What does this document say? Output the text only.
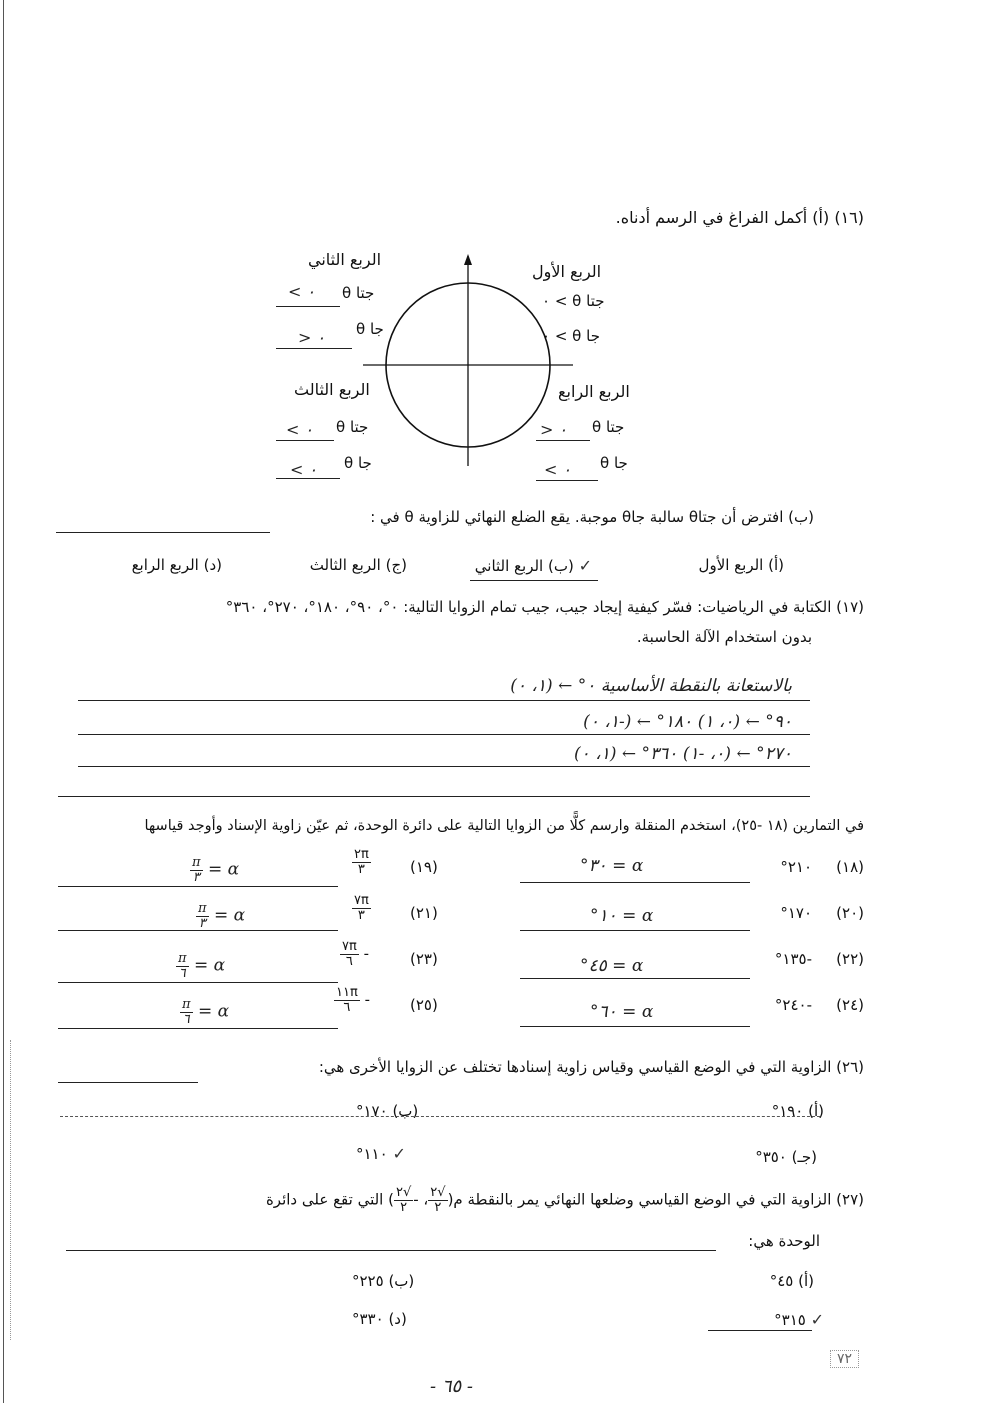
(١٦) (أ) أكمل الفراغ في الرسم أدناه.
الربع الأول
جتا θ > ٠
جا θ > ٠
الربع الثاني
جتا θ
٠ >
جا θ
٠ <
الربع الثالث
جتا θ
٠ >
جا θ
٠ >
الربع الرابع
جتا θ
٠ <
جا θ
٠ >
(ب) افترض أن جتاθ سالبة جاθ موجبة. يقع الضلع النهائي للزاوية θ في :
(أ) الربع الأول
✓ (ب) الربع الثاني
(ج) الربع الثالث
(د) الربع الرابع
(١٧) الكتابة في الرياضيات: فسّر كيفية إيجاد جيب، جيب تمام الزوايا التالية: ٠°، ٩٠°، ١٨٠°، ٢٧٠°، ٣٦٠°
بدون استخدام الآلة الحاسبة.
بالاستعانة بالنقطة الأساسية ٠° ← (١، ٠)
٩٠° ← (٠، ١) ١٨٠° ← (-١، ٠)
٢٧٠° ← (٠، -١) ٣٦٠° ← (١، ٠)
في التمارين (١٨ -٢٥)، استخدم المنقلة وارسم كلًّا من الزوايا التالية على دائرة الوحدة، ثم عيّن زاوية الإسناد وأوجد قياسها
(١٨)
٢١٠°
α = ٣٠°
(١٩)
$\frac{٢\pi}{٣}$
α =
$\frac{\pi}{٣}$
(٢٠)
١٧٠°
α = ١٠°
(٢١)
$\frac{٧\pi}{٣}$
α =
$\frac{\pi}{٣}$
(٢٢)
-١٣٥°
α = ٤٥°
(٢٣)
-
$\frac{٧\pi}{٦}$
α =
$\frac{\pi}{٦}$
(٢٤)
-٢٤٠°
α = ٦٠°
(٢٥)
-
$\frac{١١\pi}{٦}$
α =
$\frac{\pi}{٦}$
(٢٦) الزاوية التي في الوضع القياسي وقياس زاوية إسنادها تختلف عن الزوايا الأخرى هي:
(أ) ١٩٠°
(ب) ١٧٠°
(جـ) ٣٥٠°
✓ ١١٠°
(٢٧) الزاوية التي في الوضع القياسي وضلعها النهائي يمر بالنقطة م(
$\frac{√٢}{٢}$
، -
$\frac{√٢}{٢}$
) التي تقع على دائرة
الوحدة هي:
(أ) ٤٥°
(ب) ٢٢٥°
✓ ٣١٥°
(د) ٣٣٠°
٧٢
- ٦٥ -
